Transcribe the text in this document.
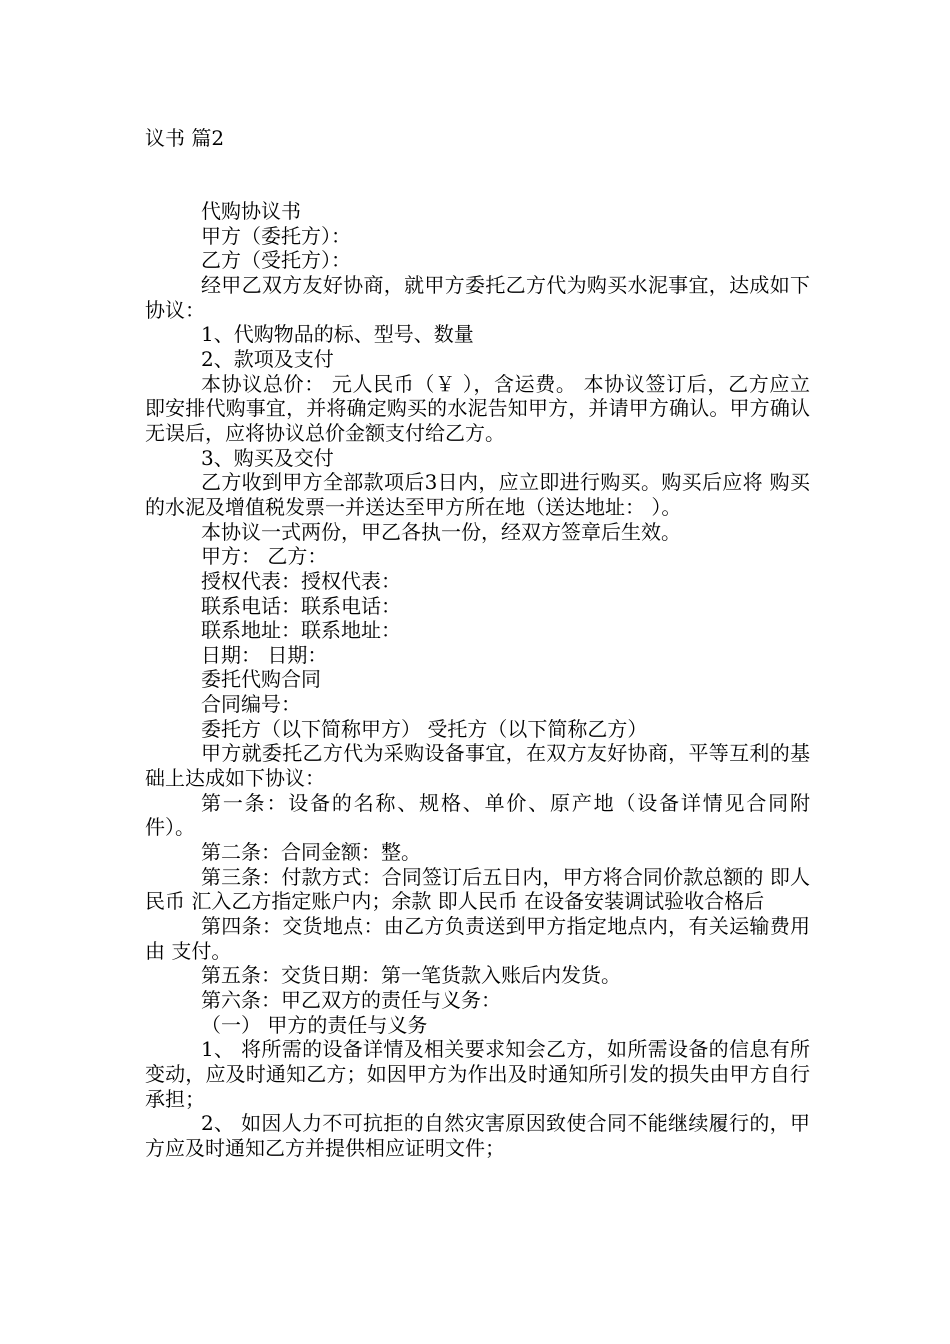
议书 篇2

代购协议书

甲方（委托方）：

乙方（受托方）：

经甲乙双方友好协商，就甲方委托乙方代为购买水泥事宜，达成如下协议：

1、代购物品的标、型号、数量

2、款项及支付

本协议总价： 元人民币（￥ ），含运费。 本协议签订后，乙方应立即安排代购事宜，并将确定购买的水泥告知甲方，并请甲方确认。甲方确认无误后，应将协议总价金额支付给乙方。

3、购买及交付

乙方收到甲方全部款项后3日内，应立即进行购买。购买后应将 购买的水泥及增值税发票一并送达至甲方所在地（送达地址： ）。

本协议一式两份，甲乙各执一份，经双方签章后生效。

甲方： 乙方：

授权代表：授权代表：

联系电话：联系电话：

联系地址：联系地址：

日期： 日期：

委托代购合同

合同编号：

委托方（以下简称甲方） 受托方（以下简称乙方）

甲方就委托乙方代为采购设备事宜，在双方友好协商，平等互利的基础上达成如下协议：

第一条：设备的名称、规格、单价、原产地（设备详情见合同附件）。

第二条：合同金额：整。

第三条：付款方式：合同签订后五日内，甲方将合同价款总额的 即人民币 汇入乙方指定账户内；余款 即人民币 在设备安装调试验收合格后

第四条：交货地点：由乙方负责送到甲方指定地点内，有关运输费用由 支付。

第五条：交货日期：第一笔货款入账后内发货。

第六条：甲乙双方的责任与义务：

（一） 甲方的责任与义务

1、 将所需的设备详情及相关要求知会乙方，如所需设备的信息有所变动，应及时通知乙方；如因甲方为作出及时通知所引发的损失由甲方自行承担；

2、 如因人力不可抗拒的自然灾害原因致使合同不能继续履行的，甲方应及时通知乙方并提供相应证明文件；
